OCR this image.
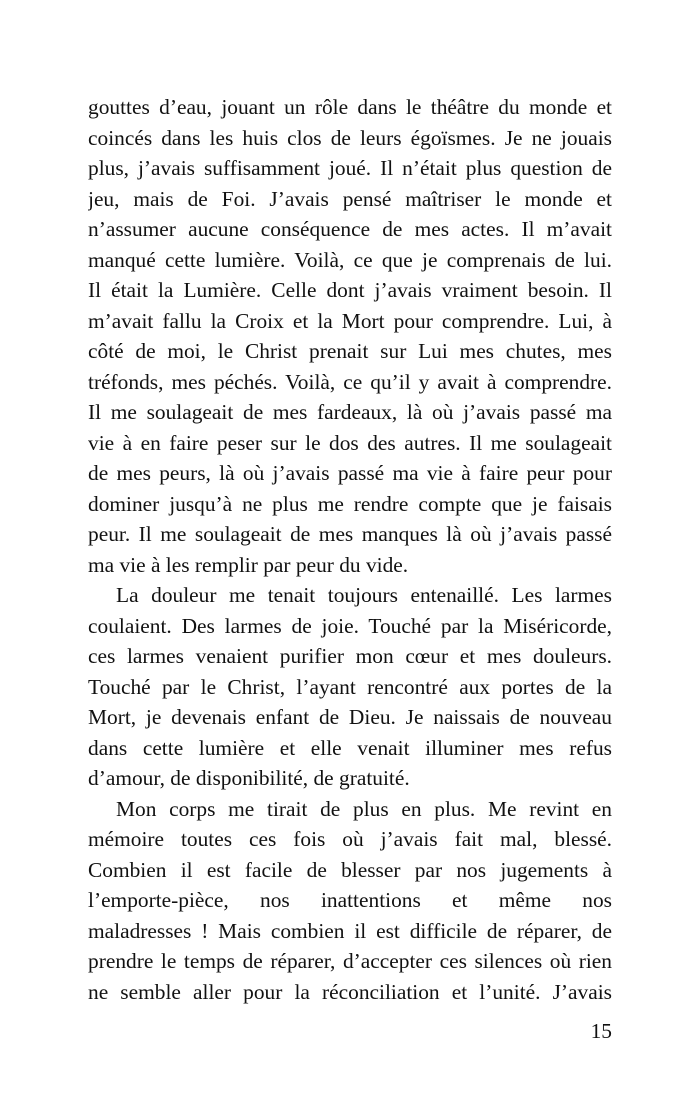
gouttes d’eau, jouant un rôle dans le théâtre du monde et
coincés dans les huis clos de leurs égoïsmes. Je ne jouais
plus, j’avais suffisamment joué. Il n’était plus question de
jeu, mais de Foi. J’avais pensé maîtriser le monde et
n’assumer aucune conséquence de mes actes. Il m’avait
manqué cette lumière. Voilà, ce que je comprenais de lui.
Il était la Lumière. Celle dont j’avais vraiment besoin. Il
m’avait fallu la Croix et la Mort pour comprendre. Lui, à
côté de moi, le Christ prenait sur Lui mes chutes, mes
tréfonds, mes péchés. Voilà, ce qu’il y avait à comprendre.
Il me soulageait de mes fardeaux, là où j’avais passé ma
vie à en faire peser sur le dos des autres. Il me soulageait
de mes peurs, là où j’avais passé ma vie à faire peur pour
dominer jusqu’à ne plus me rendre compte que je faisais
peur. Il me soulageait de mes manques là où j’avais passé
ma vie à les remplir par peur du vide.

La douleur me tenait toujours entenaillé. Les larmes
coulaient. Des larmes de joie. Touché par la Miséricorde,
ces larmes venaient purifier mon cœur et mes douleurs.
Touché par le Christ, l’ayant rencontré aux portes de la
Mort, je devenais enfant de Dieu. Je naissais de nouveau
dans cette lumière et elle venait illuminer mes refus
d’amour, de disponibilité, de gratuité.

Mon corps me tirait de plus en plus. Me revint en
mémoire toutes ces fois où j’avais fait mal, blessé.
Combien il est facile de blesser par nos jugements à
l’emporte-pièce, nos inattentions et même nos
maladresses ! Mais combien il est difficile de réparer, de
prendre le temps de réparer, d’accepter ces silences où rien
ne semble aller pour la réconciliation et l’unité. J’avais

15
